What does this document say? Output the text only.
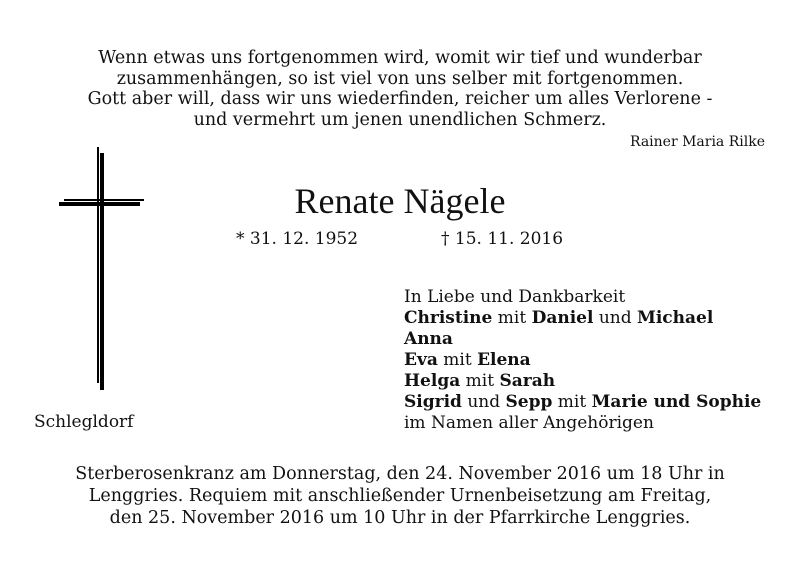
Wenn etwas uns fortgenommen wird, womit wir tief und wunderbar
zusammenhängen, so ist viel von uns selber mit fortgenommen.
Gott aber will, dass wir uns wiederfinden, reicher um alles Verlorene -
und vermehrt um jenen unendlichen Schmerz.
Rainer Maria Rilke
Renate Nägele
* 31. 12. 1952	† 15. 11. 2016
In Liebe und Dankbarkeit
Christine mit Daniel und Michael
Anna
Eva mit Elena
Helga mit Sarah
Sigrid und Sepp mit Marie und Sophie
im Namen aller Angehörigen
Schlegldorf
Sterberosenkranz am Donnerstag, den 24. November 2016 um 18 Uhr in
Lenggries. Requiem mit anschließender Urnenbeisetzung am Freitag,
den 25. November 2016 um 10 Uhr in der Pfarrkirche Lenggries.
